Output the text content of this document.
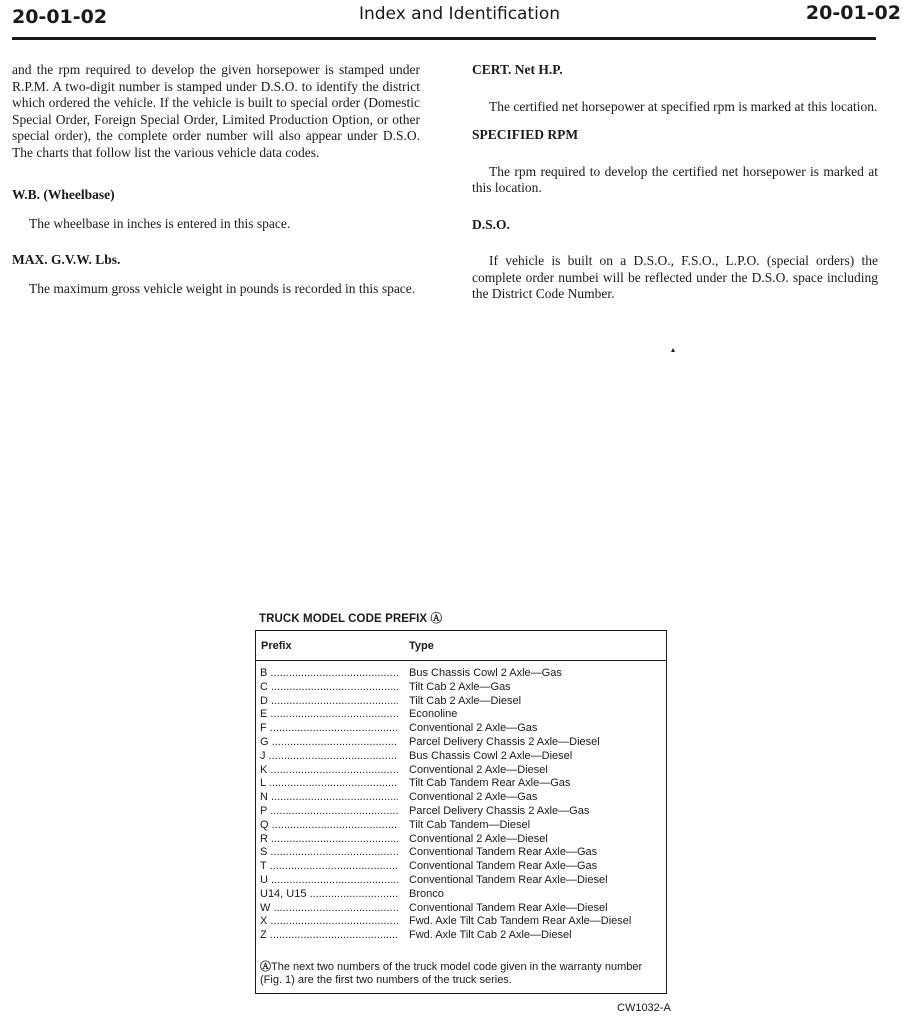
20-01-02	Index and Identification	20-01-02

and the rpm required to develop the given horsepower is stamped under R.P.M. A two-digit number is stamped under D.S.O. to identify the district which ordered the vehicle. If the vehicle is built to special order (Domestic Special Order, Foreign Special Order, Limited Production Option, or other special order), the complete order number will also appear under D.S.O. The charts that follow list the various vehicle data codes.

W.B. (Wheelbase)

The wheelbase in inches is entered in this space.

MAX. G.V.W. Lbs.

The maximum gross vehicle weight in pounds is recorded in this space.

CERT. Net H.P.

The certified net horsepower at specified rpm is marked at this location.

SPECIFIED RPM

The rpm required to develop the certified net horsepower is marked at this location.

D.S.O.

If vehicle is built on a D.S.O., F.S.O., L.P.O. (special orders) the complete order numbei will be reflected under the D.S.O. space including the District Code Number.

TRUCK MODEL CODE PREFIX Ⓐ
Prefix	Type
B .....	Bus Chassis Cowl 2 Axle—Gas
C .....	Tilt Cab 2 Axle—Gas
D .....	Tilt Cab 2 Axle—Diesel
E .....	Econoline
F .....	Conventional 2 Axle—Gas
G .....	Parcel Delivery Chassis 2 Axle—Diesel
J .....	Bus Chassis Cowl 2 Axle—Diesel
K .....	Conventional 2 Axle—Diesel
L .....	Tilt Cab Tandem Rear Axle—Gas
N .....	Conventional 2 Axle—Gas
P .....	Parcel Delivery Chassis 2 Axle—Gas
Q .....	Tilt Cab Tandem—Diesel
R .....	Conventional 2 Axle—Diesel
S .....	Conventional Tandem Rear Axle—Gas
T .....	Conventional Tandem Rear Axle—Gas
U .....	Conventional Tandem Rear Axle—Diesel
U14, U15 .....	Bronco
W .....	Conventional Tandem Rear Axle—Diesel
X .....	Fwd. Axle Tilt Cab Tandem Rear Axle—Diesel
Z .....	Fwd. Axle Tilt Cab 2 Axle—Diesel
ⒶThe next two numbers of the truck model code given in the warranty number (Fig. 1) are the first two numbers of the truck series.
CW1032-A
